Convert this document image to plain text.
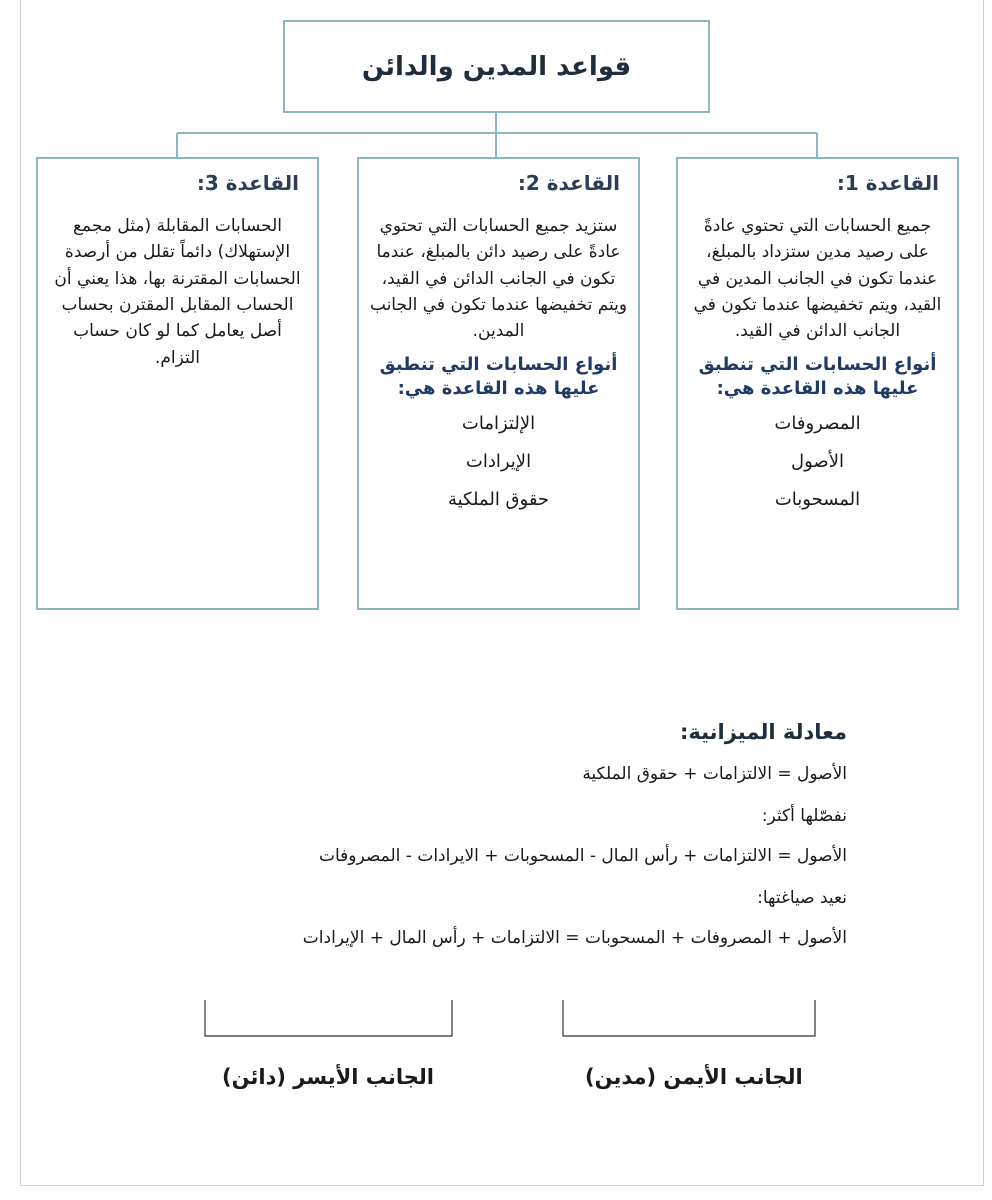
قواعد المدين والدائن
القاعدة 1:
جميع الحسابات التي تحتوي عادةً على رصيد مدين ستزداد بالمبلغ، عندما تكون في الجانب المدين في القيد، ويتم تخفيضها عندما تكون في الجانب الدائن في القيد.
أنواع الحسابات التي تنطبق عليها هذه القاعدة هي:
المصروفات
الأصول
المسحوبات
القاعدة 2:
ستزيد جميع الحسابات التي تحتوي عادةً على رصيد دائن بالمبلغ، عندما تكون في الجانب الدائن في القيد، ويتم تخفيضها عندما تكون في الجانب المدين.
أنواع الحسابات التي تنطبق عليها هذه القاعدة هي:
الإلتزامات
الإيرادات
حقوق الملكية
القاعدة 3:
الحسابات المقابلة (مثل مجمع الإستهلاك) دائماً تقلل من أرصدة الحسابات المقترنة بها، هذا يعني أن الحساب المقابل المقترن بحساب أصل يعامل كما لو كان حساب التزام.
معادلة الميزانية:
الأصول = الالتزامات + حقوق الملكية
نفصّلها أكثر:
الأصول = الالتزامات + رأس المال - المسحوبات + الايرادات - المصروفات
نعيد صياغتها:
الأصول + المصروفات + المسحوبات = الالتزامات + رأس المال + الإيرادات
الجانب الأيمن (مدين)
الجانب الأيسر (دائن)
